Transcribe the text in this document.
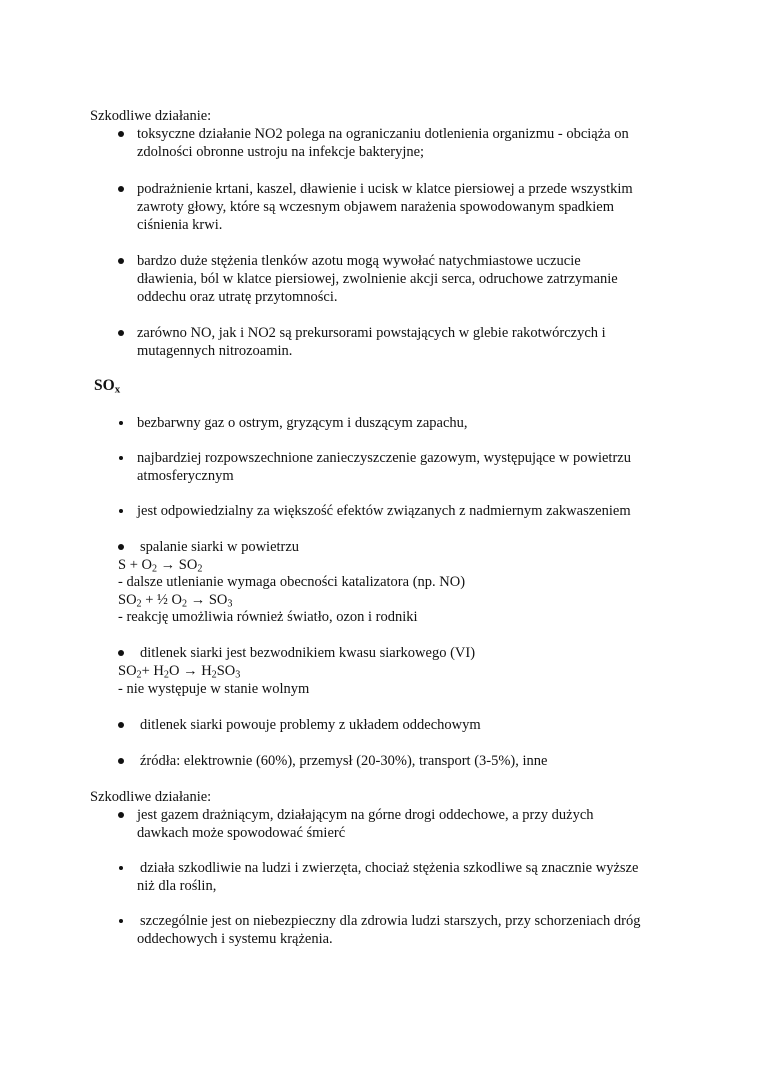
Szkodliwe działanie:
toksyczne działanie NO2 polega na ograniczaniu dotlenienia organizmu - obciąża on
zdolności obronne ustroju na infekcje bakteryjne;
podrażnienie krtani, kaszel, dławienie i ucisk w klatce piersiowej a przede wszystkim
zawroty głowy, które są wczesnym objawem narażenia spowodowanym spadkiem
ciśnienia krwi.
bardzo duże stężenia tlenków azotu mogą wywołać natychmiastowe uczucie
dławienia, ból w klatce piersiowej, zwolnienie akcji serca, odruchowe zatrzymanie
oddechu oraz utratę przytomności.
zarówno NO, jak i NO2 są prekursorami powstających w glebie rakotwórczych i
mutagennych nitrozoamin.
$SO_x$
bezbarwny gaz o ostrym, gryzącym i duszącym zapachu,
najbardziej rozpowszechnione zanieczyszczenie gazowym, występujące w powietrzu
atmosferycznym
jest odpowiedzialny za większość efektów związanych z nadmiernym zakwaszeniem
spalanie siarki w powietrzu
$S + O_2 \to SO_2$
- dalsze utlenianie wymaga obecności katalizatora (np. NO)
$SO_2$ + ½ $O_2 \to SO_3$
- reakcję umożliwia również światło, ozon i rodniki
ditlenek siarki jest bezwodnikiem kwasu siarkowego (VI)
$SO_2+ H_2O \to H_2SO_3$
- nie występuje w stanie wolnym
ditlenek siarki powouje problemy z układem oddechowym
źródła: elektrownie (60%), przemysł (20-30%), transport (3-5%), inne
Szkodliwe działanie:
jest gazem drażniącym, działającym na górne drogi oddechowe, a przy dużych
dawkach może spowodować śmierć
działa szkodliwie na ludzi i zwierzęta, chociaż stężenia szkodliwe są znacznie wyższe
niż dla roślin,
szczególnie jest on niebezpieczny dla zdrowia ludzi starszych, przy schorzeniach dróg
oddechowych i systemu krążenia.
